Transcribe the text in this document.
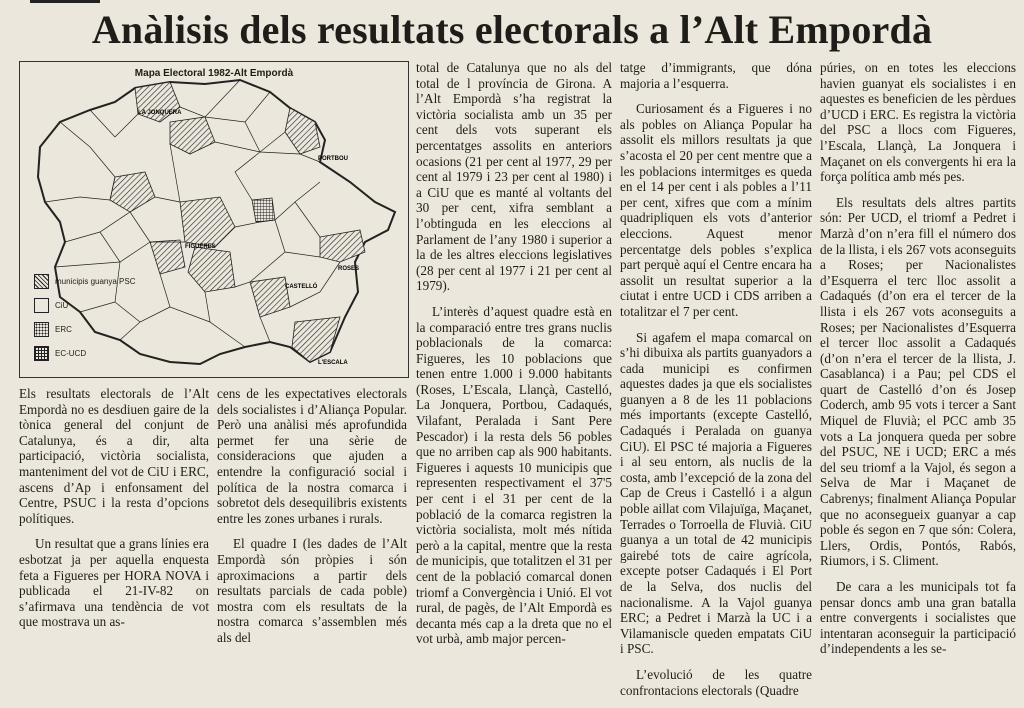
Anàlisis dels resultats electorals a l’Alt Empordà
LA JONQUERA
PORTBOU
FIGUERES
ROSES
CASTELLÓ
L'ESCALA
Mapa Electoral 1982-Alt Empordà
municipis guanya PSC
CiU
ERC
EC-UCD

Els resultats electorals de l’Alt Empordà no es desdiuen gaire de la tònica general del conjunt de Catalunya, és a dir, alta participació, victòria socialista, manteniment del vot de CiU i ERC, ascens d’Ap i enfonsament del Centre, PSUC i la resta d’opcions polítiques.

Un resultat que a grans línies era esbotzat ja per aquella enquesta feta a Figueres per HORA NOVA i publicada el 21-IV-82 on s’afirmava una tendència de vot que mostrava un as-

cens de les expectatives electorals dels socialistes i d’Aliança Popular. Però una anàlisi més aprofundida permet fer una sèrie de consideracions que ajuden a entendre la configuració social i política de la nostra comarca i sobretot dels desequilibris existents entre les zones urbanes i rurals.

El quadre I (les dades de l’Alt Empordà són pròpies i són aproximacions a partir dels resultats parcials de cada poble) mostra com els resultats de la nostra comarca s’assemblen més als del

total de Catalunya que no als del total de l província de Girona. A l’Alt Empordà s’ha registrat la victòria socialista amb un 35 per cent dels vots superant els percentatges assolits en anteriors ocasions (21 per cent al 1977, 29 per cent al 1979 i 23 per cent al 1980) i a CiU que es manté al voltants del 30 per cent, xifra semblant a l’obtinguda en les eleccions al Parlament de l’any 1980 i superior a la de les altres eleccions legislatives (28 per cent al 1977 i 21 per cent al 1979).

L’interès d’aquest quadre està en la comparació entre tres grans nuclis poblacionals de la comarca: Figueres, les 10 poblacions que tenen entre 1.000 i 9.000 habitants (Roses, L’Escala, Llançà, Castelló, La Jonquera, Portbou, Cadaqués, Vilafant, Peralada i Sant Pere Pescador) i la resta dels 56 pobles que no arriben cap als 900 habitants. Figueres i aquests 10 municipis que representen respectivament el 37'5 per cent i el 31 per cent de la població de la comarca registren la victòria socialista, molt més nítida però a la capital, mentre que la resta de municipis, que totalitzen el 31 per cent de la població comarcal donen triomf a Convergència i Unió. El vot rural, de pagès, de l’Alt Empordà es decanta més cap a la dreta que no el vot urbà, amb major percen-

tatge d’immigrants, que dóna majoria a l’esquerra.

Curiosament és a Figueres i no als pobles on Aliança Popular ha assolit els millors resultats ja que s’acosta el 20 per cent mentre que a les poblacions intermitges es queda en el 14 per cent i als pobles a l’11 per cent, xifres que com a mínim quadripliquen els vots d’anterior eleccions. Aquest menor percentatge dels pobles s’explica part perquè aquí el Centre encara ha assolit un resultat superior a la ciutat i entre UCD i CDS arriben a totalitzar el 7 per cent.

Si agafem el mapa comarcal on s’hi dibuixa als partits guanyadors a cada municipi es confirmen aquestes dades ja que els socialistes guanyen a 8 de les 11 poblacions més importants (excepte Castelló, Cadaqués i Peralada on guanya CiU). El PSC té majoria a Figueres i al seu entorn, als nuclis de la costa, amb l’excepció de la zona del Cap de Creus i Castelló i a algun poble aillat com Vilajuïga, Maçanet, Terrades o Torroella de Fluvià. CiU guanya a un total de 42 municipis gairebé tots de caire agrícola, excepte potser Cadaqués i El Port de la Selva, dos nuclis del nacionalisme. A la Vajol guanya ERC; a Pedret i Marzà la UC i a Vilamaniscle queden empatats CiU i PSC.

L’evolució de les quatre confrontacions electorals (Quadre

púries, on en totes les eleccions havien guanyat els socialistes i en aquestes es beneficien de les pèrdues d’UCD i ERC. Es registra la victòria del PSC a llocs com Figueres, l’Escala, Llançà, La Jonquera i Maçanet on els convergents hi era la força política amb més pes.

Els resultats dels altres partits són: Per UCD, el triomf a Pedret i Marzà d’on n’era fill el número dos de la llista, i els 267 vots aconseguits a Roses; per Nacionalistes d’Esquerra el terc lloc assolit a Cadaqués (d’on era el tercer de la llista i els 267 vots aconseguits a Roses; per Nacionalistes d’Esquerra el tercer lloc assolit a Cadaqués (d’on n’era el tercer de la llista, J. Casablanca) i a Pau; pel CDS el quart de Castelló d’on és Josep Coderch, amb 95 vots i tercer a Sant Miquel de Fluvià; el PCC amb 35 vots a La jonquera queda per sobre del PSUC, NE i UCD; ERC a més del seu triomf a la Vajol, és segon a Selva de Mar i Maçanet de Cabrenys; finalment Aliança Popular que no aconsegueix guanyar a cap poble és segon en 7 que són: Colera, Llers, Ordis, Pontós, Rabós, Riumors, i S. Climent.

De cara a les municipals tot fa pensar doncs amb una gran batalla entre convergents i socialistes que intentaran aconseguir la participació d’independents a les se-
